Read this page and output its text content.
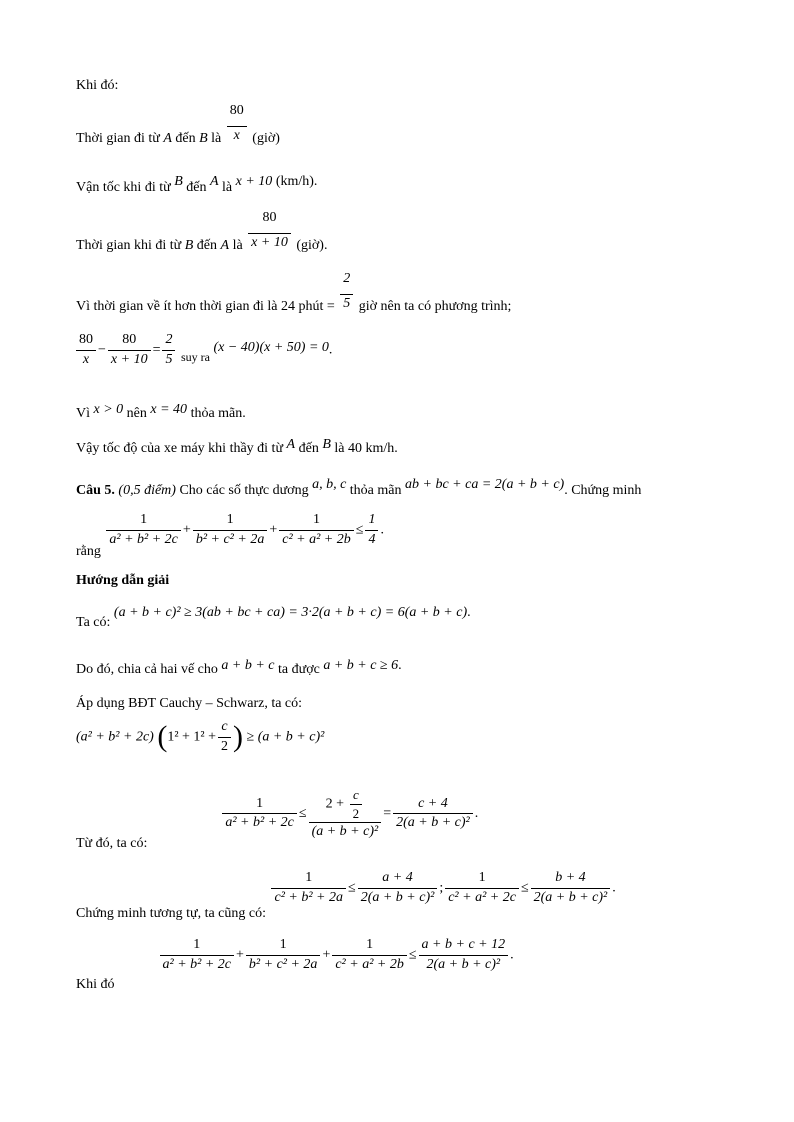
Khi đó:
Thời gian đi từ A đến B là $\frac{80}{x}$ (giờ)
Vận tốc khi đi từ B đến A là x + 10 (km/h).
Thời gian khi đi từ B đến A là $\frac{80}{x + 10}$ (giờ).
Vì thời gian về ít hơn thời gian đi là 24 phút = $\frac{2}{5}$ giờ nên ta có phương trình;
$\frac{80}{x} - \frac{80}{x + 10} = \frac{2}{5}$ suy ra (x − 40)(x + 50) = 0.
Vì x > 0 nên x = 40 thỏa mãn.
Vậy tốc độ của xe máy khi thầy đi từ A đến B là 40 km/h.
Câu 5. (0,5 điểm) Cho các số thực dương a, b, c thỏa mãn ab + bc + ca = 2(a + b + c). Chứng minh
rằng
$\frac{1}{\text{a² + b² + 2c}} + \frac{1}{\text{b² + c² + 2a}} + \frac{1}{\text{c² + a² + 2b}} \le \frac{1}{4}$ .
Hướng dẫn giải
Ta có: (a + b + c)² ≥ 3(ab + bc + ca) = 3·2(a + b + c) = 6(a + b + c).
Do đó, chia cả hai vế cho a + b + c ta được a + b + c ≥ 6.
Áp dụng BĐT Cauchy – Schwarz, ta có:
(a² + b² + 2c) ($1^2 + 1^2 + \frac{c}{2}$ ) ≥ (a + b + c)²
Từ đó, ta có:
$\frac{1}{\text{a² + b² + 2c}} \le \frac{2 + \frac{c}{2}}{\text{(a + b + c)²}} = \frac{c + 4}{\text{2(a + b + c)²}}$ .
Chứng minh tương tự, ta cũng có:
$\frac{1}{\text{c² + b² + 2a}} \le \frac{a + 4}{\text{2(a + b + c)²}}$ ; $\frac{1}{\text{c² + a² + 2c}} \le \frac{b + 4}{\text{2(a + b + c)²}}$ .
Khi đó
$\frac{1}{\text{a² + b² + 2c}} + \frac{1}{\text{b² + c² + 2a}} + \frac{1}{\text{c² + a² + 2b}} \le \frac{a + b + c + 12}{\text{2(a + b + c)²}}$ .
